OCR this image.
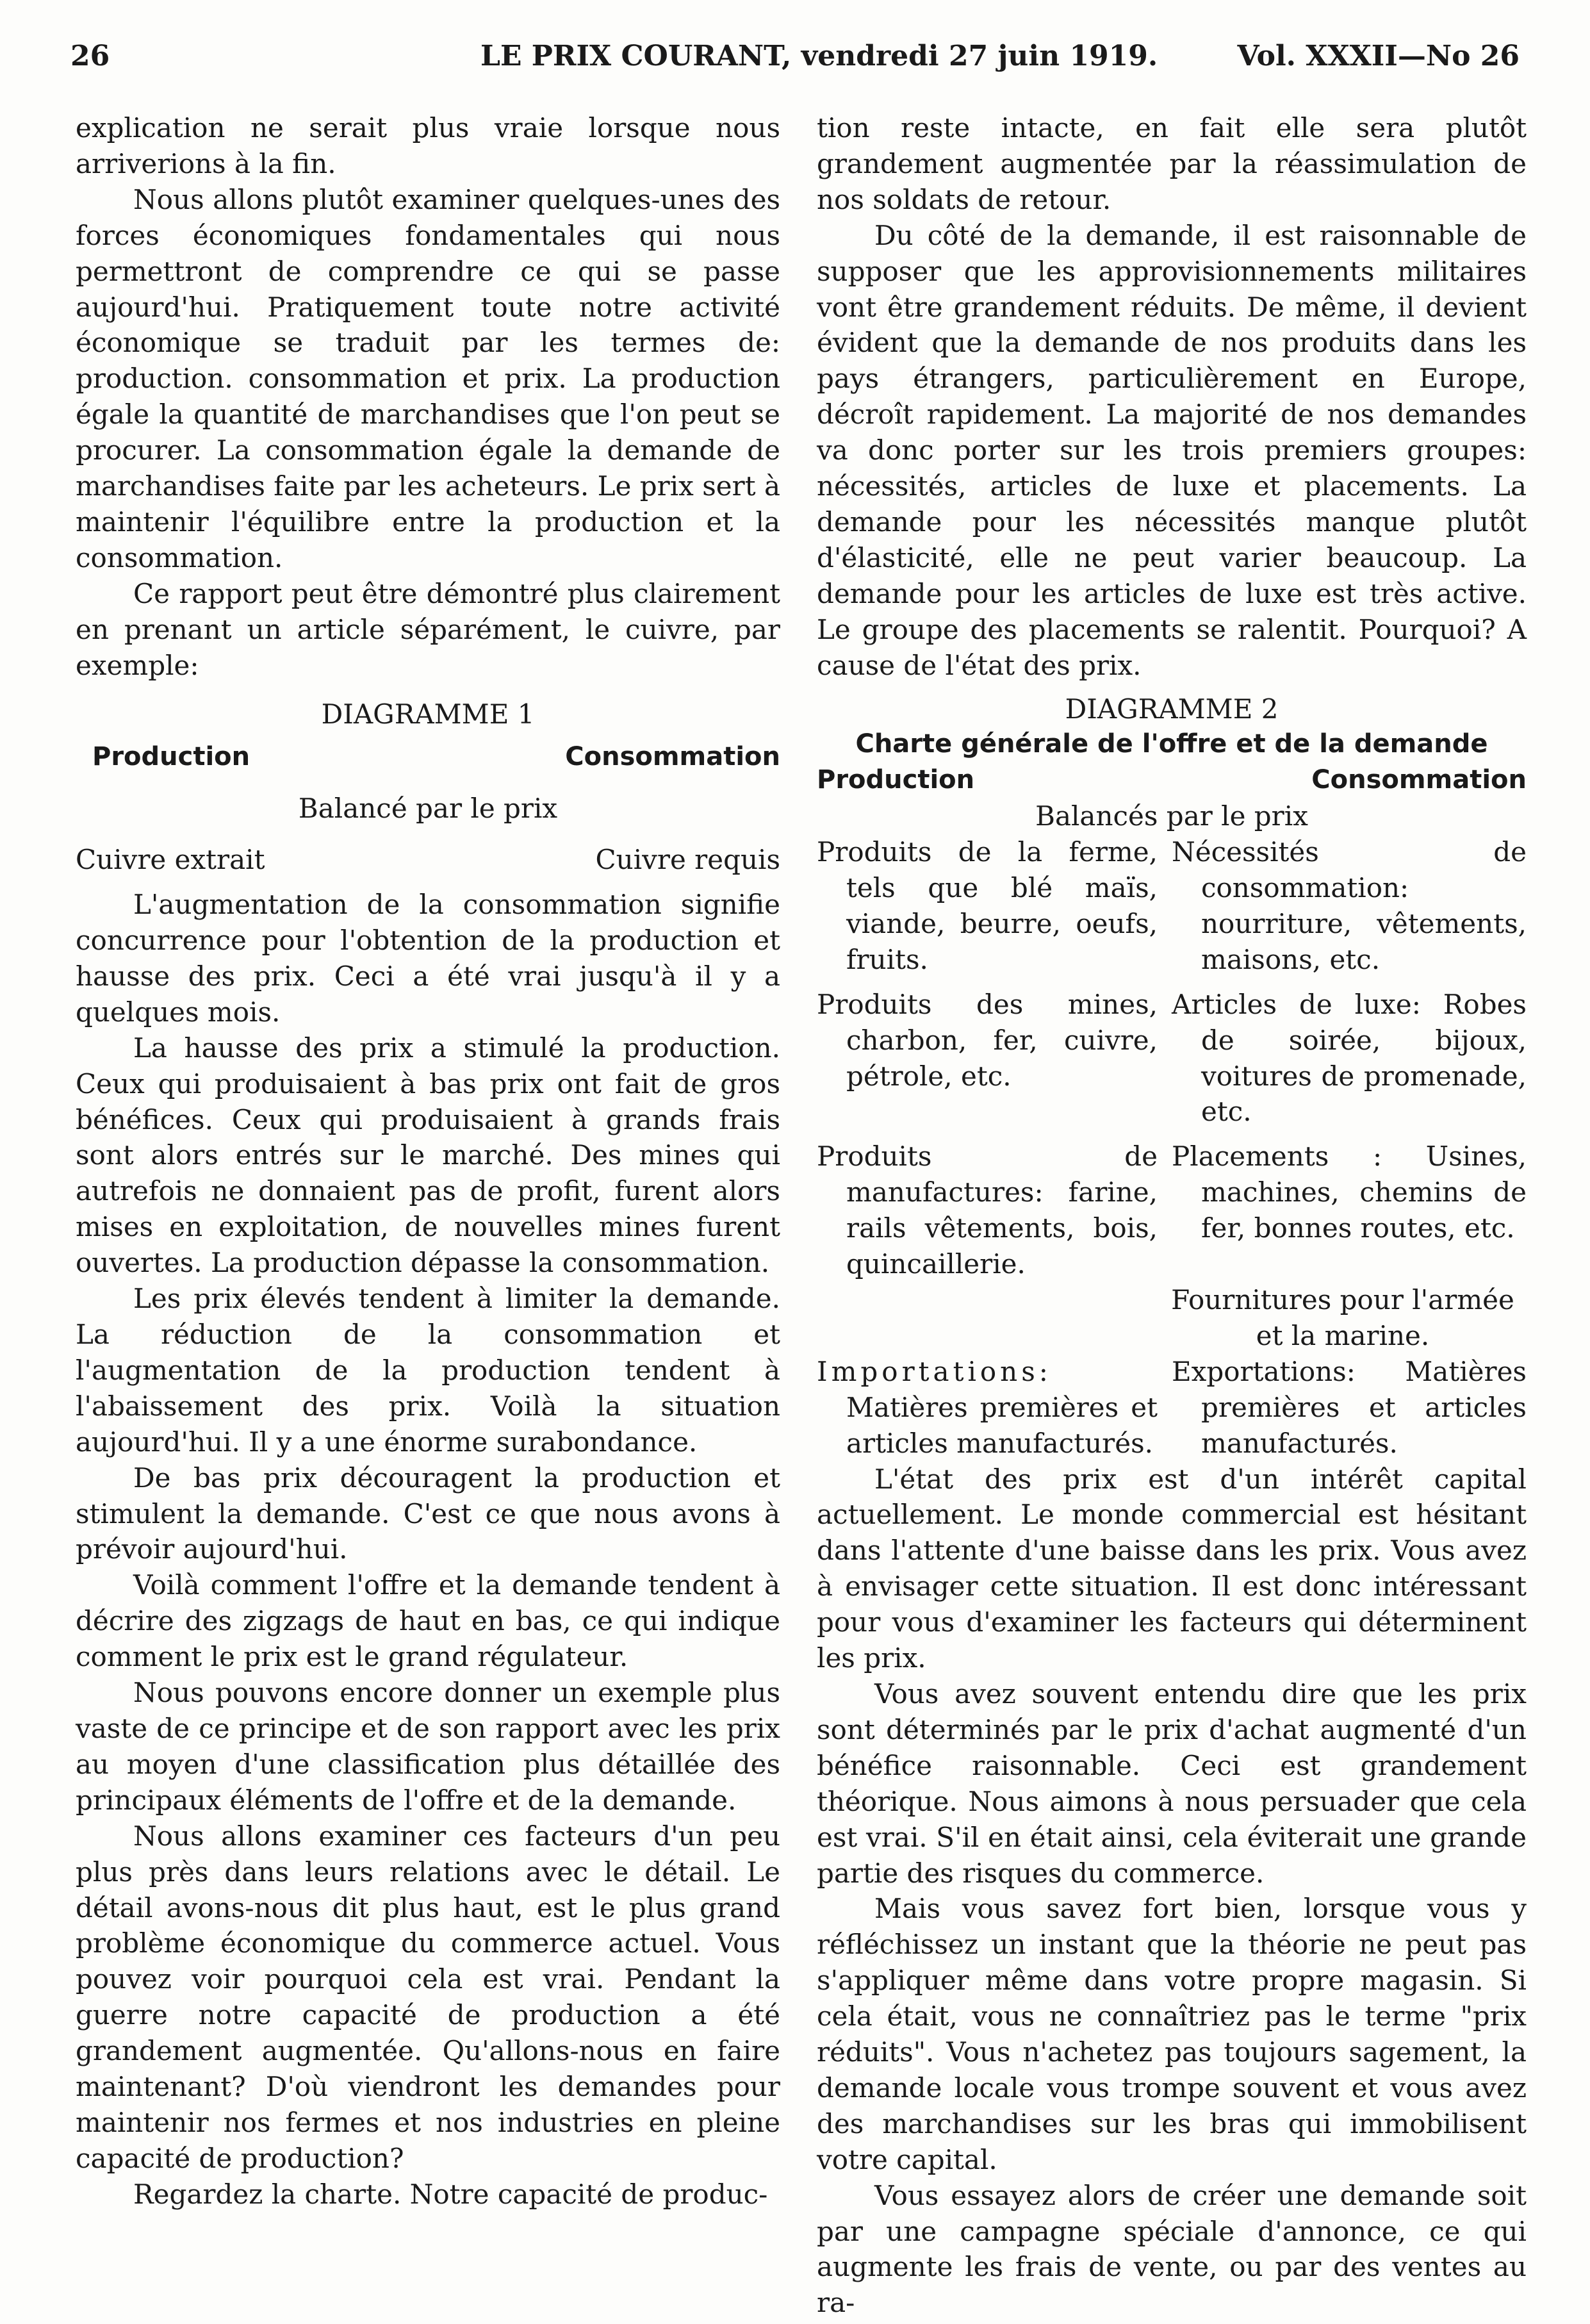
26	LE PRIX COURANT, vendredi 27 juin 1919.	Vol. XXXII—No 26

explication ne serait plus vraie lorsque nous arriverions à la fin.

Nous allons plutôt examiner quelques-unes des forces économiques fondamentales qui nous permettront de comprendre ce qui se passe aujourd'hui. Pratiquement toute notre activité économique se traduit par les termes de: production. consommation et prix. La production égale la quantité de marchandises que l'on peut se procurer. La consommation égale la demande de marchandises faite par les acheteurs. Le prix sert à maintenir l'équilibre entre la production et la consommation.

Ce rapport peut être démontré plus clairement en prenant un article séparément, le cuivre, par exemple:

DIAGRAMME 1

Production	Consommation
Balancé par le prix
Cuivre extrait	Cuivre requis

L'augmentation de la consommation signifie concurrence pour l'obtention de la production et hausse des prix. Ceci a été vrai jusqu'à il y a quelques mois.

La hausse des prix a stimulé la production. Ceux qui produisaient à bas prix ont fait de gros bénéfices. Ceux qui produisaient à grands frais sont alors entrés sur le marché. Des mines qui autrefois ne donnaient pas de profit, furent alors mises en exploitation, de nouvelles mines furent ouvertes. La production dépasse la consommation.

Les prix élevés tendent à limiter la demande. La réduction de la consommation et l'augmentation de la production tendent à l'abaissement des prix. Voilà la situation aujourd'hui. Il y a une énorme surabondance.

De bas prix découragent la production et stimulent la demande. C'est ce que nous avons à prévoir aujourd'hui.

Voilà comment l'offre et la demande tendent à décrire des zigzags de haut en bas, ce qui indique comment le prix est le grand régulateur.

Nous pouvons encore donner un exemple plus vaste de ce principe et de son rapport avec les prix au moyen d'une classification plus détaillée des principaux éléments de l'offre et de la demande.

Nous allons examiner ces facteurs d'un peu plus près dans leurs relations avec le détail. Le détail avons-nous dit plus haut, est le plus grand problème économique du commerce actuel. Vous pouvez voir pourquoi cela est vrai. Pendant la guerre notre capacité de production a été grandement augmentée. Qu'allons-nous en faire maintenant? D'où viendront les demandes pour maintenir nos fermes et nos industries en pleine capacité de production?

Regardez la charte. Notre capacité de produc-

tion reste intacte, en fait elle sera plutôt grandement augmentée par la réassimulation de nos soldats de retour.

Du côté de la demande, il est raisonnable de supposer que les approvisionnements militaires vont être grandement réduits. De même, il devient évident que la demande de nos produits dans les pays étrangers, particulièrement en Europe, décroît rapidement. La majorité de nos demandes va donc porter sur les trois premiers groupes: nécessités, articles de luxe et placements. La demande pour les nécessités manque plutôt d'élasticité, elle ne peut varier beaucoup. La demande pour les articles de luxe est très active. Le groupe des placements se ralentit. Pourquoi? A cause de l'état des prix.

DIAGRAMME 2

Charte générale de l'offre et de la demande

Production	Consommation
Balancés par le prix
Produits de la ferme, tels que blé maïs, viande, beurre, oeufs, fruits.	Nécessités de consommation: nourriture, vêtements, maisons, etc.

Produits des mines, charbon, fer, cuivre, pétrole, etc.	Articles de luxe: Robes de soirée, bijoux, voitures de promenade, etc.

Produits de manufactures: farine, rails vêtements, bois, quincaillerie.	Placements : Usines, machines, chemins de fer, bonnes routes, etc.

	Fournitures pour l'armée et la marine.

Importations: Matières premières et articles manufacturés.	Exportations: Matières premières et articles manufacturés.

L'état des prix est d'un intérêt capital actuellement. Le monde commercial est hésitant dans l'attente d'une baisse dans les prix. Vous avez à envisager cette situation. Il est donc intéressant pour vous d'examiner les facteurs qui déterminent les prix.

Vous avez souvent entendu dire que les prix sont déterminés par le prix d'achat augmenté d'un bénéfice raisonnable. Ceci est grandement théorique. Nous aimons à nous persuader que cela est vrai. S'il en était ainsi, cela éviterait une grande partie des risques du commerce.

Mais vous savez fort bien, lorsque vous y réfléchissez un instant que la théorie ne peut pas s'appliquer même dans votre propre magasin. Si cela était, vous ne connaîtriez pas le terme "prix réduits". Vous n'achetez pas toujours sagement, la demande locale vous trompe souvent et vous avez des marchandises sur les bras qui immobilisent votre capital.

Vous essayez alors de créer une demande soit par une campagne spéciale d'annonce, ce qui augmente les frais de vente, ou par des ventes au ra-
